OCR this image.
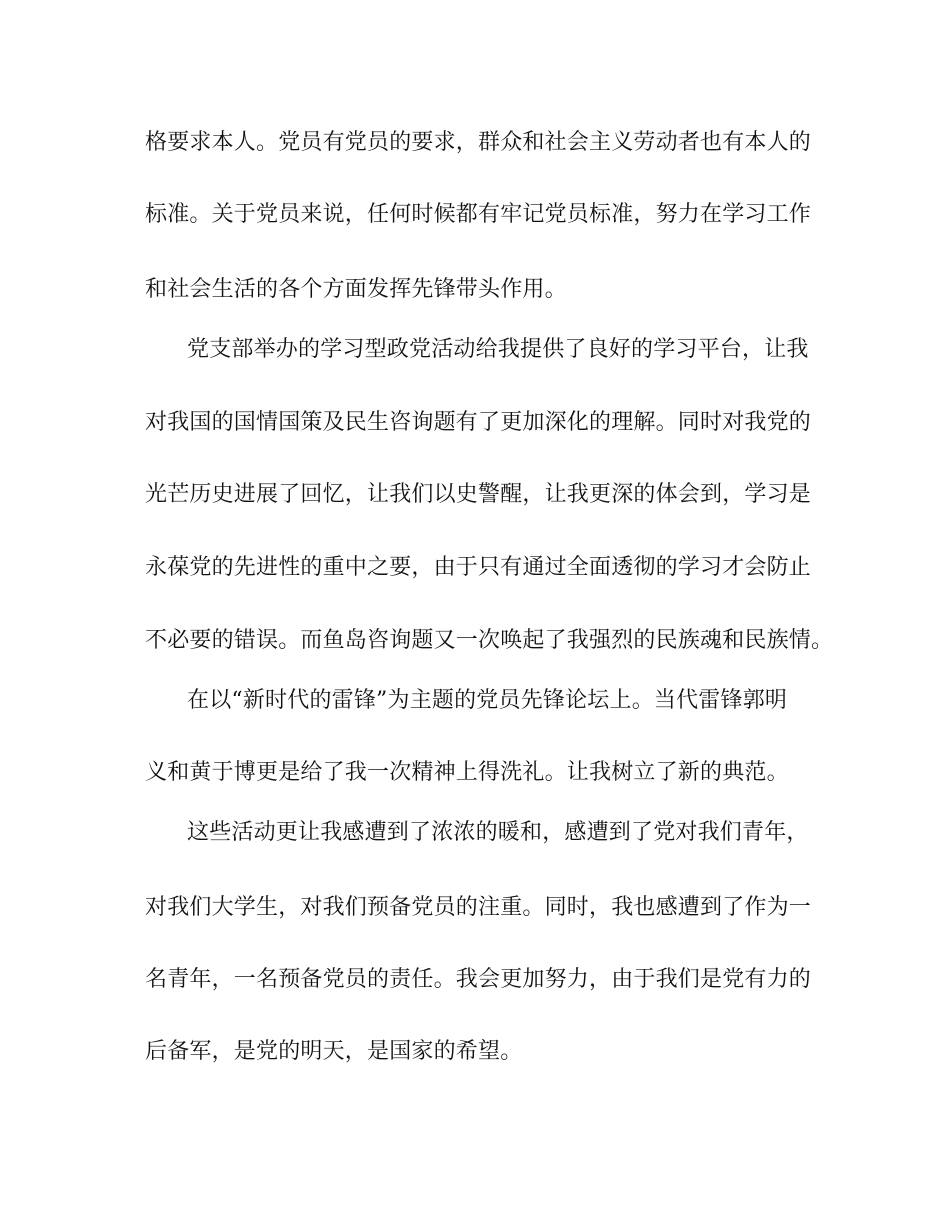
格要求本人。党员有党员的要求，群众和社会主义劳动者也有本人的
标准。关于党员来说，任何时候都有牢记党员标准，努力在学习工作
和社会生活的各个方面发挥先锋带头作用。
党支部举办的学习型政党活动给我提供了良好的学习平台，让我
对我国的国情国策及民生咨询题有了更加深化的理解。同时对我党的
光芒历史进展了回忆，让我们以史警醒，让我更深的体会到，学习是
永葆党的先进性的重中之要，由于只有通过全面透彻的学习才会防止
不必要的错误。而鱼岛咨询题又一次唤起了我强烈的民族魂和民族情。
在以“新时代的雷锋”为主题的党员先锋论坛上。当代雷锋郭明
义和黄于博更是给了我一次精神上得洗礼。让我树立了新的典范。
这些活动更让我感遭到了浓浓的暖和，感遭到了党对我们青年，
对我们大学生，对我们预备党员的注重。同时，我也感遭到了作为一
名青年，一名预备党员的责任。我会更加努力，由于我们是党有力的
后备军，是党的明天，是国家的希望。
